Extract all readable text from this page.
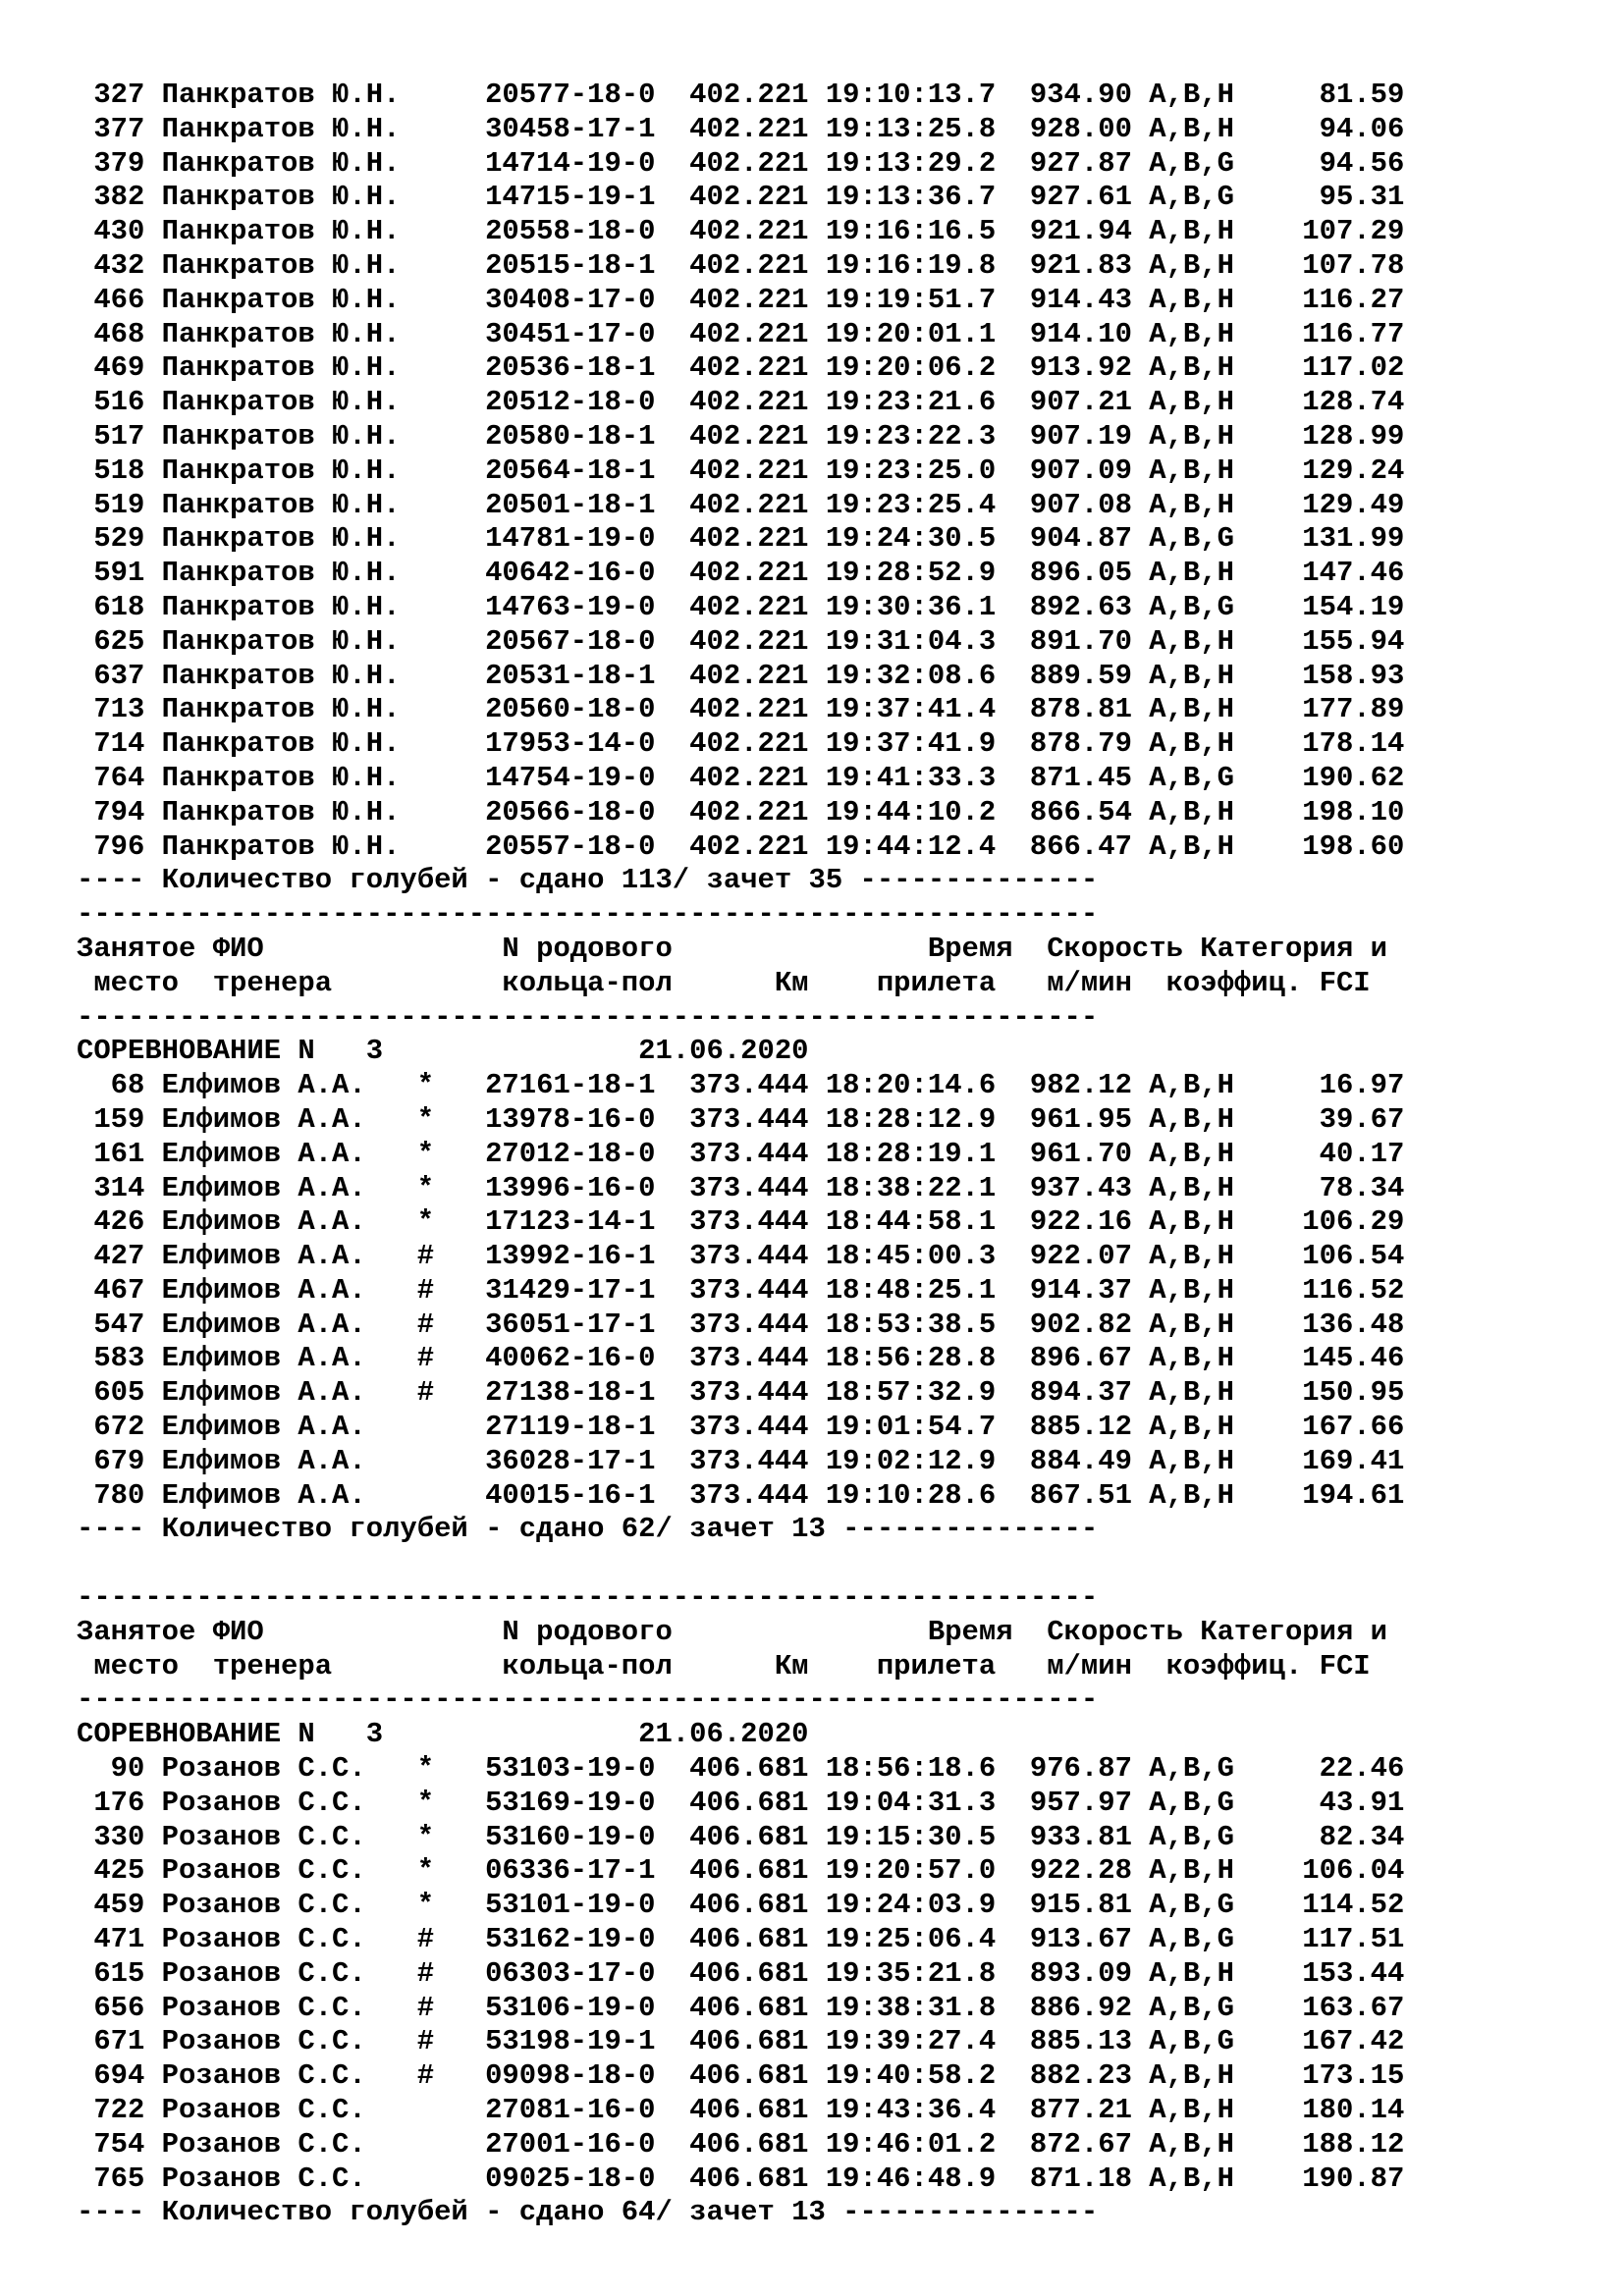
327 Панкратов Ю.Н.     20577-18-0  402.221 19:10:13.7  934.90 A,B,H     81.59
377 Панкратов Ю.Н.     30458-17-1  402.221 19:13:25.8  928.00 A,B,H     94.06
379 Панкратов Ю.Н.     14714-19-0  402.221 19:13:29.2  927.87 A,B,G     94.56
382 Панкратов Ю.Н.     14715-19-1  402.221 19:13:36.7  927.61 A,B,G     95.31
430 Панкратов Ю.Н.     20558-18-0  402.221 19:16:16.5  921.94 A,B,H    107.29
432 Панкратов Ю.Н.     20515-18-1  402.221 19:16:19.8  921.83 A,B,H    107.78
466 Панкратов Ю.Н.     30408-17-0  402.221 19:19:51.7  914.43 A,B,H    116.27
468 Панкратов Ю.Н.     30451-17-0  402.221 19:20:01.1  914.10 A,B,H    116.77
469 Панкратов Ю.Н.     20536-18-1  402.221 19:20:06.2  913.92 A,B,H    117.02
516 Панкратов Ю.Н.     20512-18-0  402.221 19:23:21.6  907.21 A,B,H    128.74
517 Панкратов Ю.Н.     20580-18-1  402.221 19:23:22.3  907.19 A,B,H    128.99
518 Панкратов Ю.Н.     20564-18-1  402.221 19:23:25.0  907.09 A,B,H    129.24
519 Панкратов Ю.Н.     20501-18-1  402.221 19:23:25.4  907.08 A,B,H    129.49
529 Панкратов Ю.Н.     14781-19-0  402.221 19:24:30.5  904.87 A,B,G    131.99
591 Панкратов Ю.Н.     40642-16-0  402.221 19:28:52.9  896.05 A,B,H    147.46
618 Панкратов Ю.Н.     14763-19-0  402.221 19:30:36.1  892.63 A,B,G    154.19
625 Панкратов Ю.Н.     20567-18-0  402.221 19:31:04.3  891.70 A,B,H    155.94
637 Панкратов Ю.Н.     20531-18-1  402.221 19:32:08.6  889.59 A,B,H    158.93
713 Панкратов Ю.Н.     20560-18-0  402.221 19:37:41.4  878.81 A,B,H    177.89
714 Панкратов Ю.Н.     17953-14-0  402.221 19:37:41.9  878.79 A,B,H    178.14
764 Панкратов Ю.Н.     14754-19-0  402.221 19:41:33.3  871.45 A,B,G    190.62
794 Панкратов Ю.Н.     20566-18-0  402.221 19:44:10.2  866.54 A,B,H    198.10
796 Панкратов Ю.Н.     20557-18-0  402.221 19:44:12.4  866.47 A,B,H    198.60
---- Количество голубей - сдано 113/ зачет 35 --------------
------------------------------------------------------------
Занятое ФИО              N родового               Время  Скорость Категория и
место  тренера          кольца-пол      Км    прилета   м/мин  коэффиц. FCI
------------------------------------------------------------
СОРЕВНОВАНИЕ N   3               21.06.2020
68 Елфимов А.А.   *   27161-18-1  373.444 18:20:14.6  982.12 A,B,H     16.97
159 Елфимов А.А.   *   13978-16-0  373.444 18:28:12.9  961.95 A,B,H     39.67
161 Елфимов А.А.   *   27012-18-0  373.444 18:28:19.1  961.70 A,B,H     40.17
314 Елфимов А.А.   *   13996-16-0  373.444 18:38:22.1  937.43 A,B,H     78.34
426 Елфимов А.А.   *   17123-14-1  373.444 18:44:58.1  922.16 A,B,H    106.29
427 Елфимов А.А.   #   13992-16-1  373.444 18:45:00.3  922.07 A,B,H    106.54
467 Елфимов А.А.   #   31429-17-1  373.444 18:48:25.1  914.37 A,B,H    116.52
547 Елфимов А.А.   #   36051-17-1  373.444 18:53:38.5  902.82 A,B,H    136.48
583 Елфимов А.А.   #   40062-16-0  373.444 18:56:28.8  896.67 A,B,H    145.46
605 Елфимов А.А.   #   27138-18-1  373.444 18:57:32.9  894.37 A,B,H    150.95
672 Елфимов А.А.       27119-18-1  373.444 19:01:54.7  885.12 A,B,H    167.66
679 Елфимов А.А.       36028-17-1  373.444 19:02:12.9  884.49 A,B,H    169.41
780 Елфимов А.А.       40015-16-1  373.444 19:10:28.6  867.51 A,B,H    194.61
---- Количество голубей - сдано 62/ зачет 13 ---------------
------------------------------------------------------------
Занятое ФИО              N родового               Время  Скорость Категория и
место  тренера          кольца-пол      Км    прилета   м/мин  коэффиц. FCI
------------------------------------------------------------
СОРЕВНОВАНИЕ N   3               21.06.2020
90 Розанов С.С.   *   53103-19-0  406.681 18:56:18.6  976.87 A,B,G     22.46
176 Розанов С.С.   *   53169-19-0  406.681 19:04:31.3  957.97 A,B,G     43.91
330 Розанов С.С.   *   53160-19-0  406.681 19:15:30.5  933.81 A,B,G     82.34
425 Розанов С.С.   *   06336-17-1  406.681 19:20:57.0  922.28 A,B,H    106.04
459 Розанов С.С.   *   53101-19-0  406.681 19:24:03.9  915.81 A,B,G    114.52
471 Розанов С.С.   #   53162-19-0  406.681 19:25:06.4  913.67 A,B,G    117.51
615 Розанов С.С.   #   06303-17-0  406.681 19:35:21.8  893.09 A,B,H    153.44
656 Розанов С.С.   #   53106-19-0  406.681 19:38:31.8  886.92 A,B,G    163.67
671 Розанов С.С.   #   53198-19-1  406.681 19:39:27.4  885.13 A,B,G    167.42
694 Розанов С.С.   #   09098-18-0  406.681 19:40:58.2  882.23 A,B,H    173.15
722 Розанов С.С.       27081-16-0  406.681 19:43:36.4  877.21 A,B,H    180.14
754 Розанов С.С.       27001-16-0  406.681 19:46:01.2  872.67 A,B,H    188.12
765 Розанов С.С.       09025-18-0  406.681 19:46:48.9  871.18 A,B,H    190.87
---- Количество голубей - сдано 64/ зачет 13 ---------------
